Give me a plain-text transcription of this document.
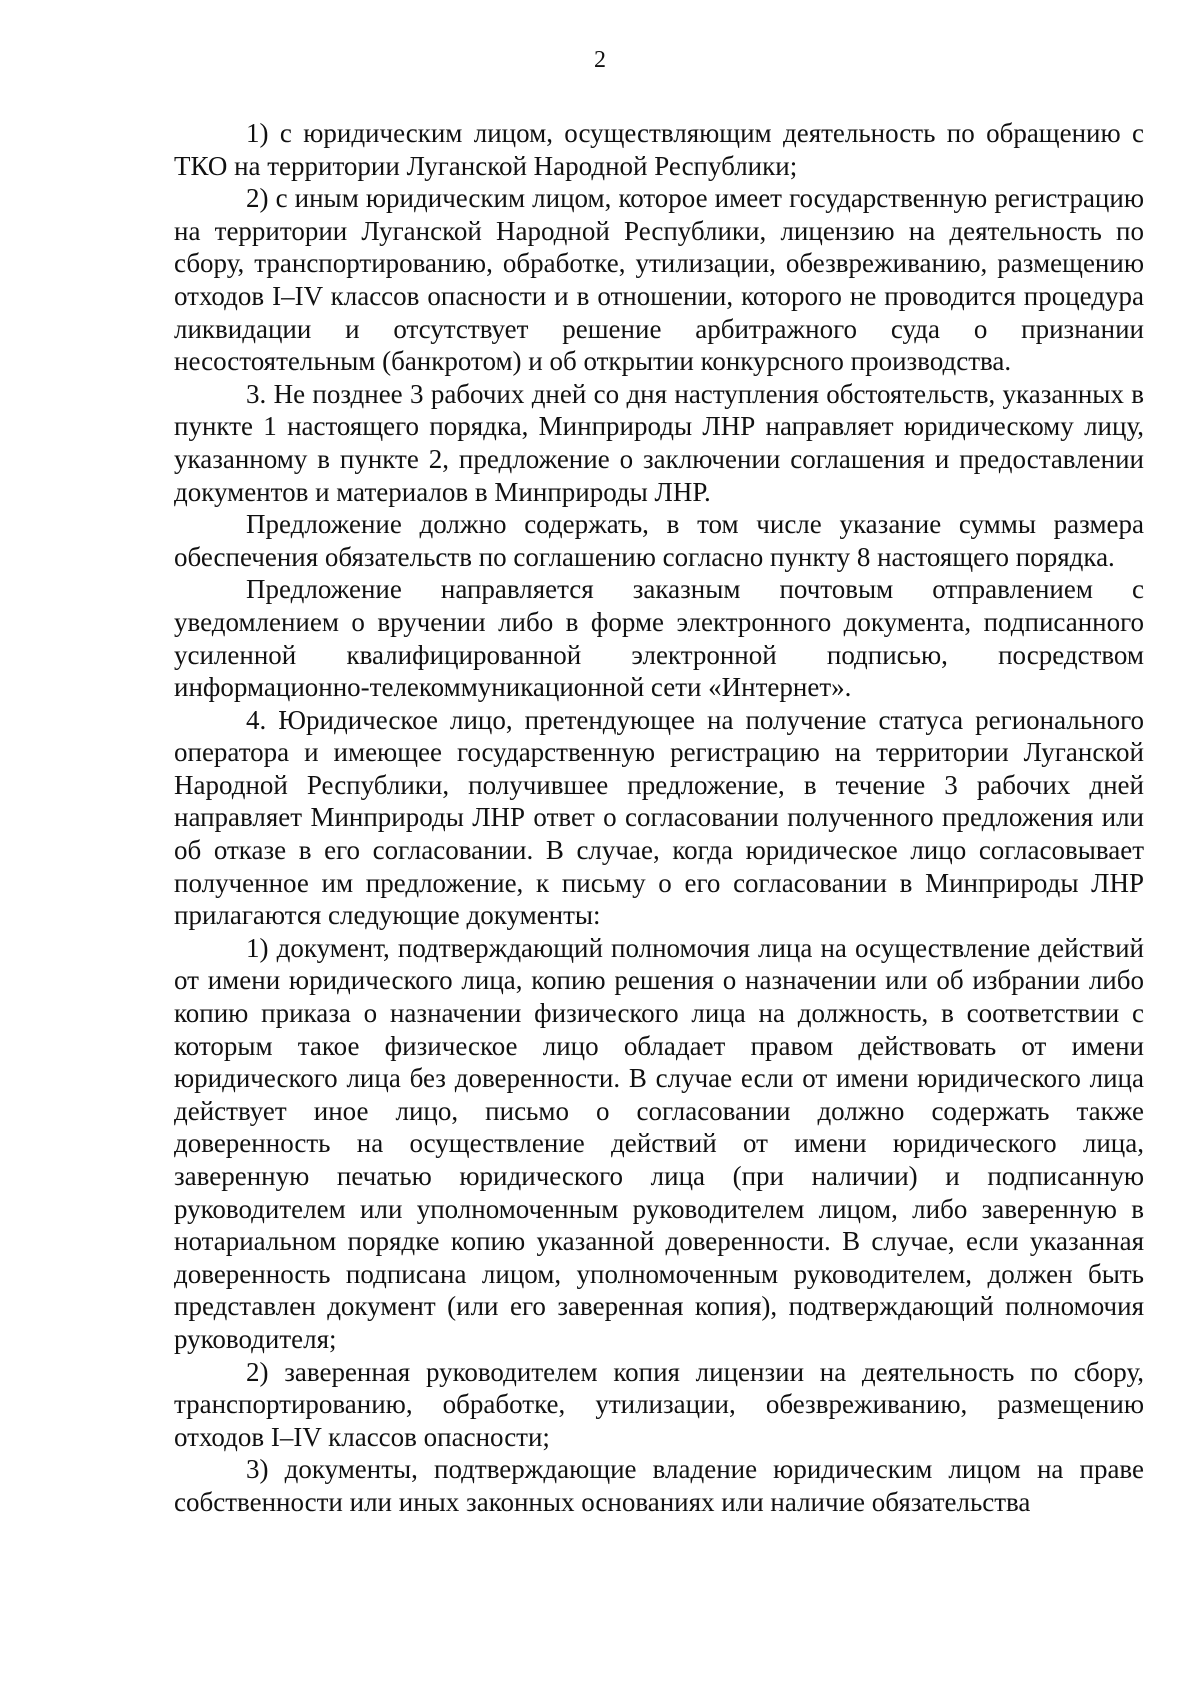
2

1) с юридическим лицом, осуществляющим деятельность по обращению с ТКО на территории Луганской Народной Республики;

2) с иным юридическим лицом, которое имеет государственную регистрацию на территории Луганской Народной Республики, лицензию на деятельность по сбору, транспортированию, обработке, утилизации, обезвреживанию, размещению отходов I–IV классов опасности и в отношении, которого не проводится процедура ликвидации и отсутствует решение арбитражного суда о признании несостоятельным (банкротом) и об открытии конкурсного производства.

3. Не позднее 3 рабочих дней со дня наступления обстоятельств, указанных в пункте 1 настоящего порядка, Минприроды ЛНР направляет юридическому лицу, указанному в пункте 2, предложение о заключении соглашения и предоставлении документов и материалов в Минприроды ЛНР.

Предложение должно содержать, в том числе указание суммы размера обеспечения обязательств по соглашению согласно пункту 8 настоящего порядка.

Предложение направляется заказным почтовым отправлением с уведомлением о вручении либо в форме электронного документа, подписанного усиленной квалифицированной электронной подписью, посредством информационно-телекоммуникационной сети «Интернет».

4. Юридическое лицо, претендующее на получение статуса регионального оператора и имеющее государственную регистрацию на территории Луганской Народной Республики, получившее предложение, в течение 3 рабочих дней направляет Минприроды ЛНР ответ о согласовании полученного предложения или об отказе в его согласовании. В случае, когда юридическое лицо согласовывает полученное им предложение, к письму о его согласовании в Минприроды ЛНР прилагаются следующие документы:

1) документ, подтверждающий полномочия лица на осуществление действий от имени юридического лица, копию решения о назначении или об избрании либо копию приказа о назначении физического лица на должность, в соответствии с которым такое физическое лицо обладает правом действовать от имени юридического лица без доверенности. В случае если от имени юридического лица действует иное лицо, письмо о согласовании должно содержать также доверенность на осуществление действий от имени юридического лица, заверенную печатью юридического лица (при наличии) и подписанную руководителем или уполномоченным руководителем лицом, либо заверенную в нотариальном порядке копию указанной доверенности. В случае, если указанная доверенность подписана лицом, уполномоченным руководителем, должен быть представлен документ (или его заверенная копия), подтверждающий полномочия руководителя;

2) заверенная руководителем копия лицензии на деятельность по сбору, транспортированию, обработке, утилизации, обезвреживанию, размещению отходов I–IV классов опасности;

3) документы, подтверждающие владение юридическим лицом на праве собственности или иных законных основаниях или наличие обязательства
